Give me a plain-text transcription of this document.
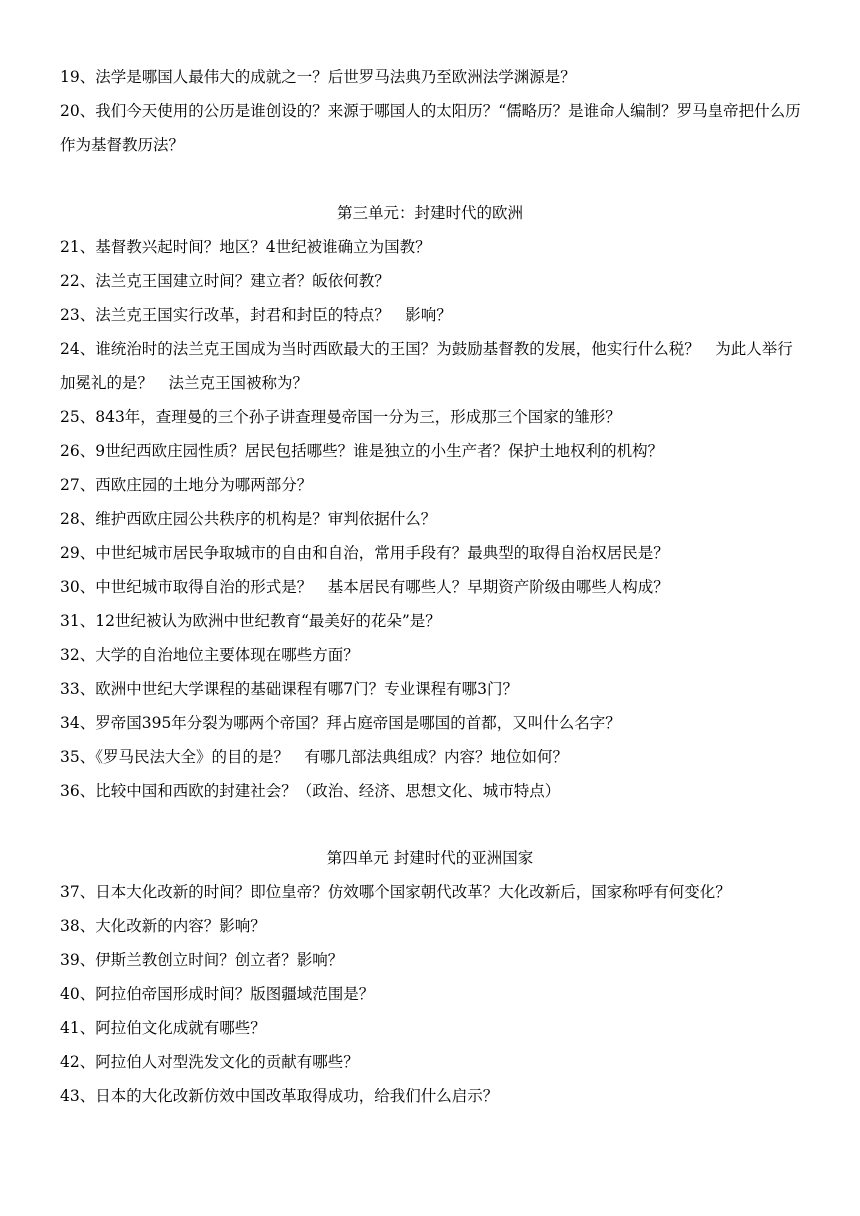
19、法学是哪国人最伟大的成就之一？后世罗马法典乃至欧洲法学渊源是？

20、我们今天使用的公历是谁创设的？来源于哪国人的太阳历？“儒略历？是谁命人编制？罗马皇帝把什么历作为基督教历法？

第三单元：封建时代的欧洲

21、基督教兴起时间？地区？4世纪被谁确立为国教？

22、法兰克王国建立时间？建立者？皈依何教？

23、法兰克王国实行改革，封君和封臣的特点？　影响？

24、谁统治时的法兰克王国成为当时西欧最大的王国？为鼓励基督教的发展，他实行什么税？　为此人举行加冕礼的是？　法兰克王国被称为？

25、843年，查理曼的三个孙子讲查理曼帝国一分为三，形成那三个国家的雏形？

26、9世纪西欧庄园性质？居民包括哪些？谁是独立的小生产者？保护土地权利的机构？

27、西欧庄园的土地分为哪两部分？

28、维护西欧庄园公共秩序的机构是？审判依据什么？

29、中世纪城市居民争取城市的自由和自治，常用手段有？最典型的取得自治权居民是？

30、中世纪城市取得自治的形式是？　基本居民有哪些人？早期资产阶级由哪些人构成？

31、12世纪被认为欧洲中世纪教育“最美好的花朵”是？

32、大学的自治地位主要体现在哪些方面？

33、欧洲中世纪大学课程的基础课程有哪7门？专业课程有哪3门？

34、罗帝国395年分裂为哪两个帝国？拜占庭帝国是哪国的首都，又叫什么名字？

35、《罗马民法大全》的目的是？　有哪几部法典组成？内容？地位如何？

36、比较中国和西欧的封建社会？（政治、经济、思想文化、城市特点）

第四单元 封建时代的亚洲国家

37、日本大化改新的时间？即位皇帝？仿效哪个国家朝代改革？大化改新后，国家称呼有何变化？

38、大化改新的内容？影响？

39、伊斯兰教创立时间？创立者？影响？

40、阿拉伯帝国形成时间？版图疆域范围是？

41、阿拉伯文化成就有哪些？

42、阿拉伯人对型洗发文化的贡献有哪些？

43、日本的大化改新仿效中国改革取得成功，给我们什么启示？
